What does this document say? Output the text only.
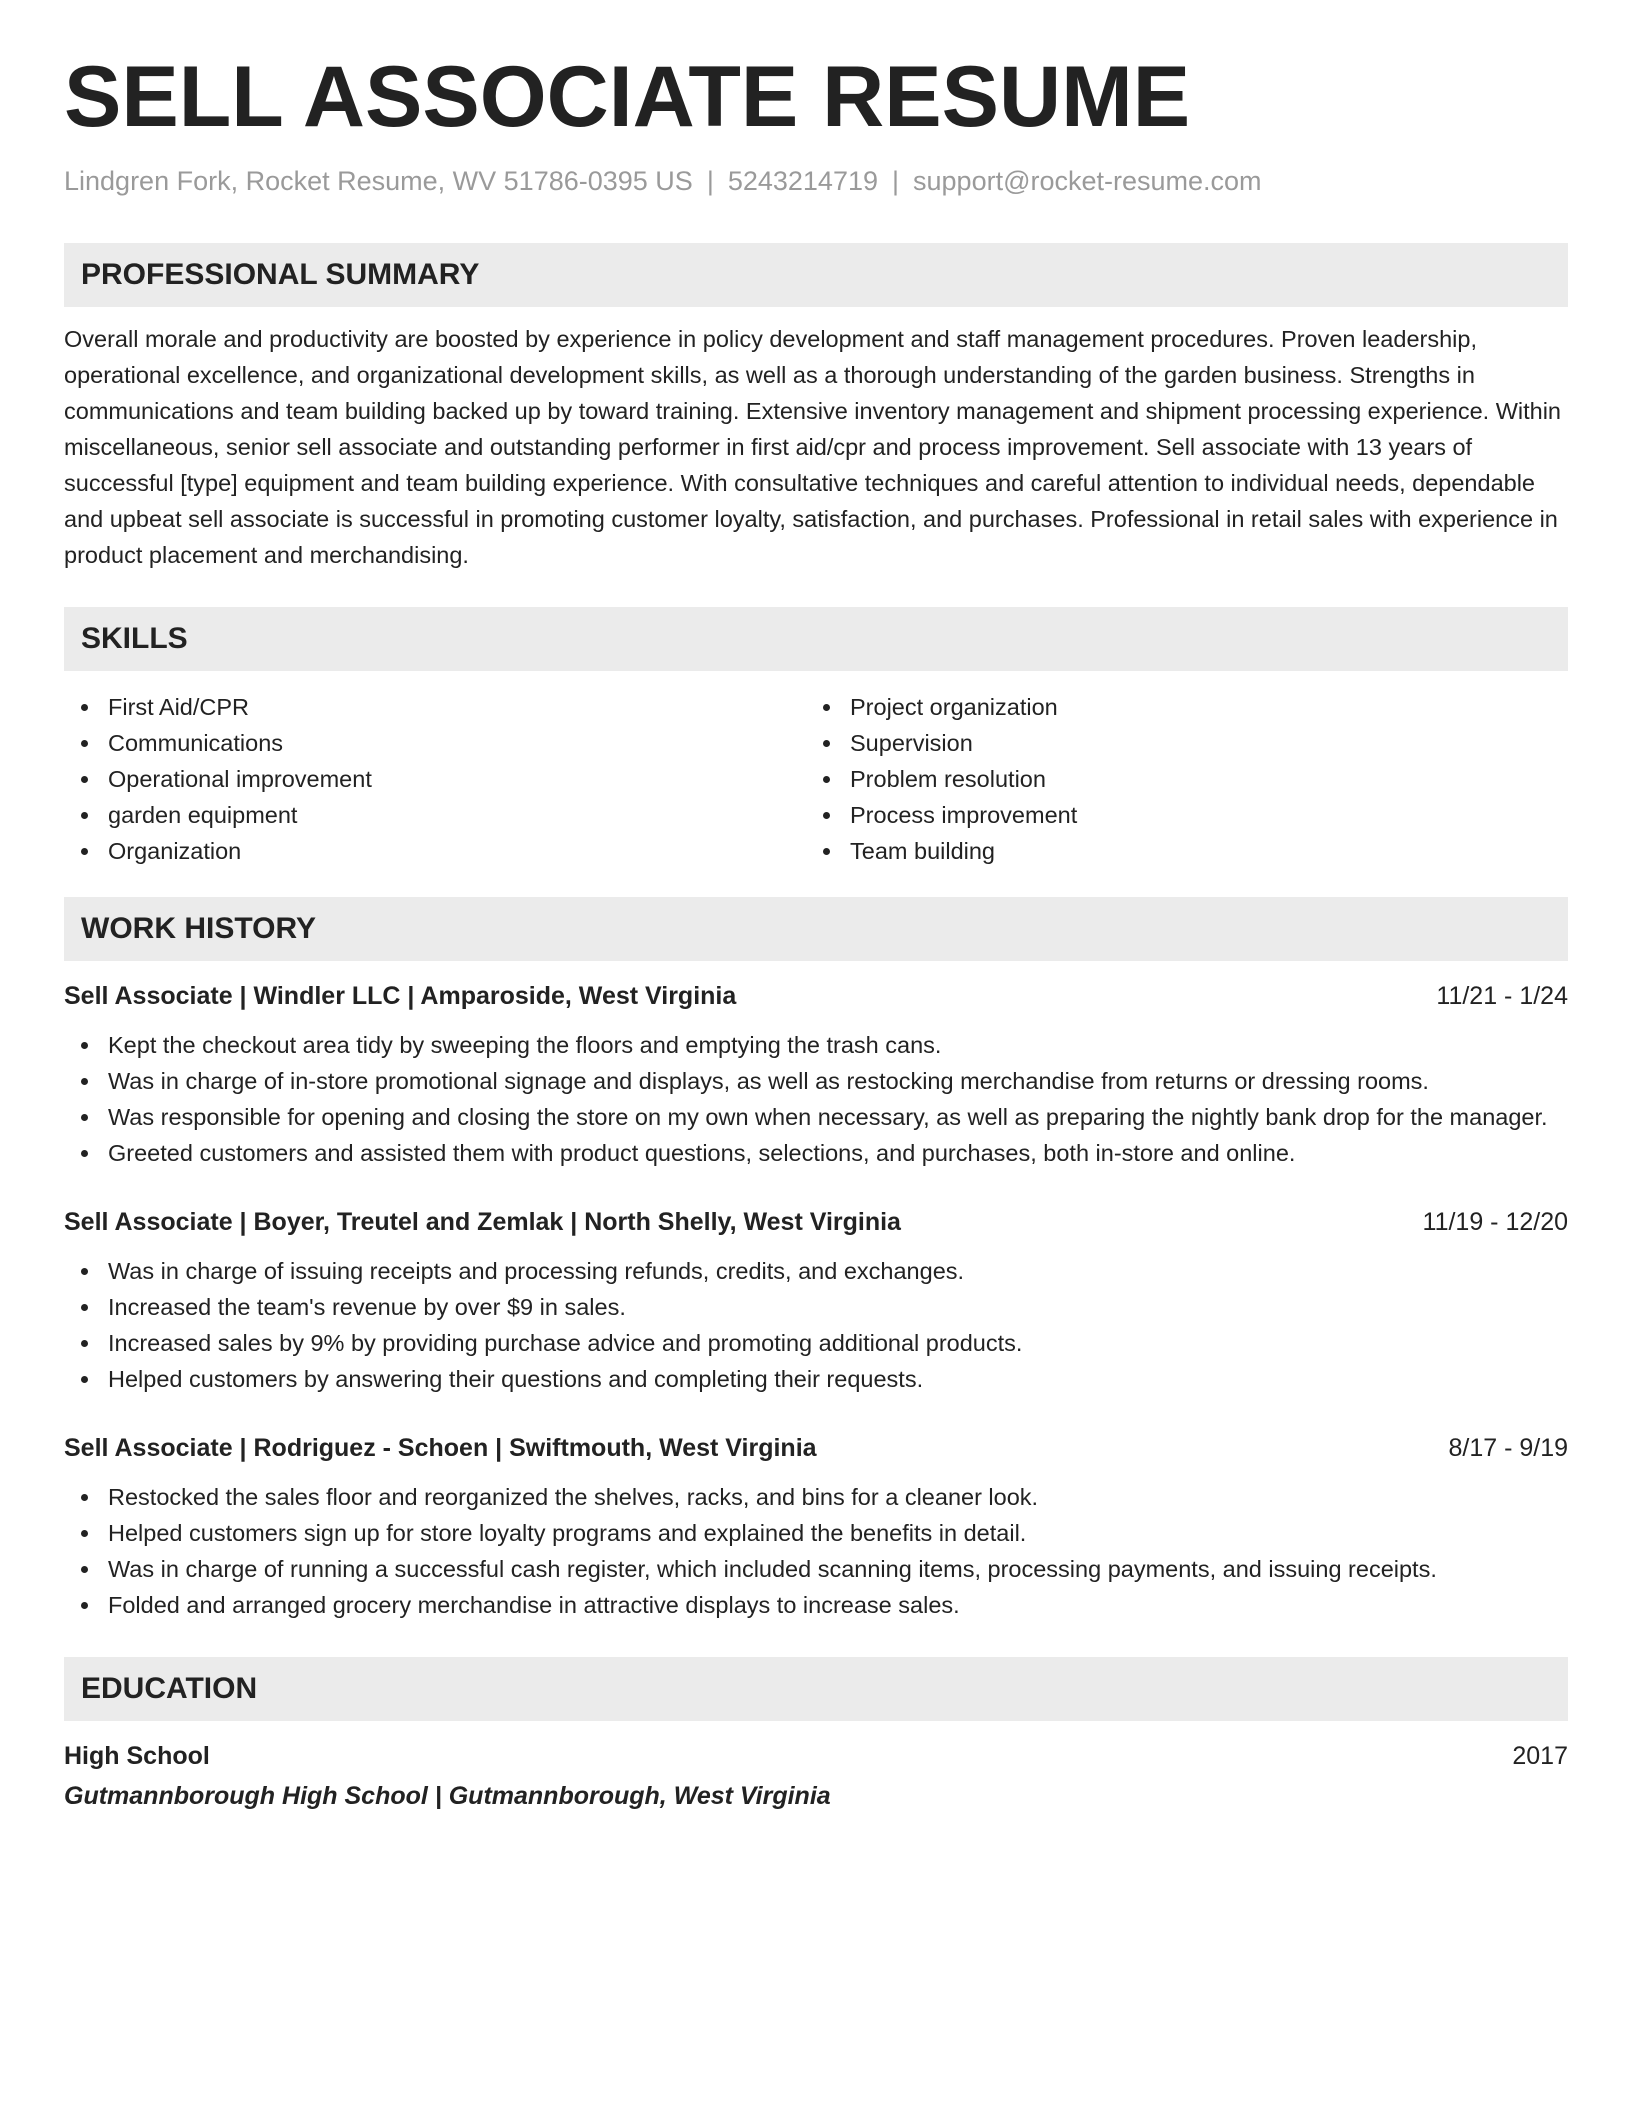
SELL ASSOCIATE RESUME
Lindgren Fork, Rocket Resume, WV 51786-0395 US | 5243214719 | support@rocket-resume.com
PROFESSIONAL SUMMARY
Overall morale and productivity are boosted by experience in policy development and staff management procedures. Proven leadership, operational excellence, and organizational development skills, as well as a thorough understanding of the garden business. Strengths in communications and team building backed up by toward training. Extensive inventory management and shipment processing experience. Within miscellaneous, senior sell associate and outstanding performer in first aid/cpr and process improvement. Sell associate with 13 years of successful [type] equipment and team building experience. With consultative techniques and careful attention to individual needs, dependable and upbeat sell associate is successful in promoting customer loyalty, satisfaction, and purchases. Professional in retail sales with experience in product placement and merchandising.
SKILLS
First Aid/CPR
Communications
Operational improvement
garden equipment
Organization
Project organization
Supervision
Problem resolution
Process improvement
Team building
WORK HISTORY
Sell Associate | Windler LLC | Amparoside, West Virginia	11/21 - 1/24
Kept the checkout area tidy by sweeping the floors and emptying the trash cans.
Was in charge of in-store promotional signage and displays, as well as restocking merchandise from returns or dressing rooms.
Was responsible for opening and closing the store on my own when necessary, as well as preparing the nightly bank drop for the manager.
Greeted customers and assisted them with product questions, selections, and purchases, both in-store and online.
Sell Associate | Boyer, Treutel and Zemlak | North Shelly, West Virginia	11/19 - 12/20
Was in charge of issuing receipts and processing refunds, credits, and exchanges.
Increased the team's revenue by over $9 in sales.
Increased sales by 9% by providing purchase advice and promoting additional products.
Helped customers by answering their questions and completing their requests.
Sell Associate | Rodriguez - Schoen | Swiftmouth, West Virginia	8/17 - 9/19
Restocked the sales floor and reorganized the shelves, racks, and bins for a cleaner look.
Helped customers sign up for store loyalty programs and explained the benefits in detail.
Was in charge of running a successful cash register, which included scanning items, processing payments, and issuing receipts.
Folded and arranged grocery merchandise in attractive displays to increase sales.
EDUCATION
High School	2017
Gutmannborough High School | Gutmannborough, West Virginia
